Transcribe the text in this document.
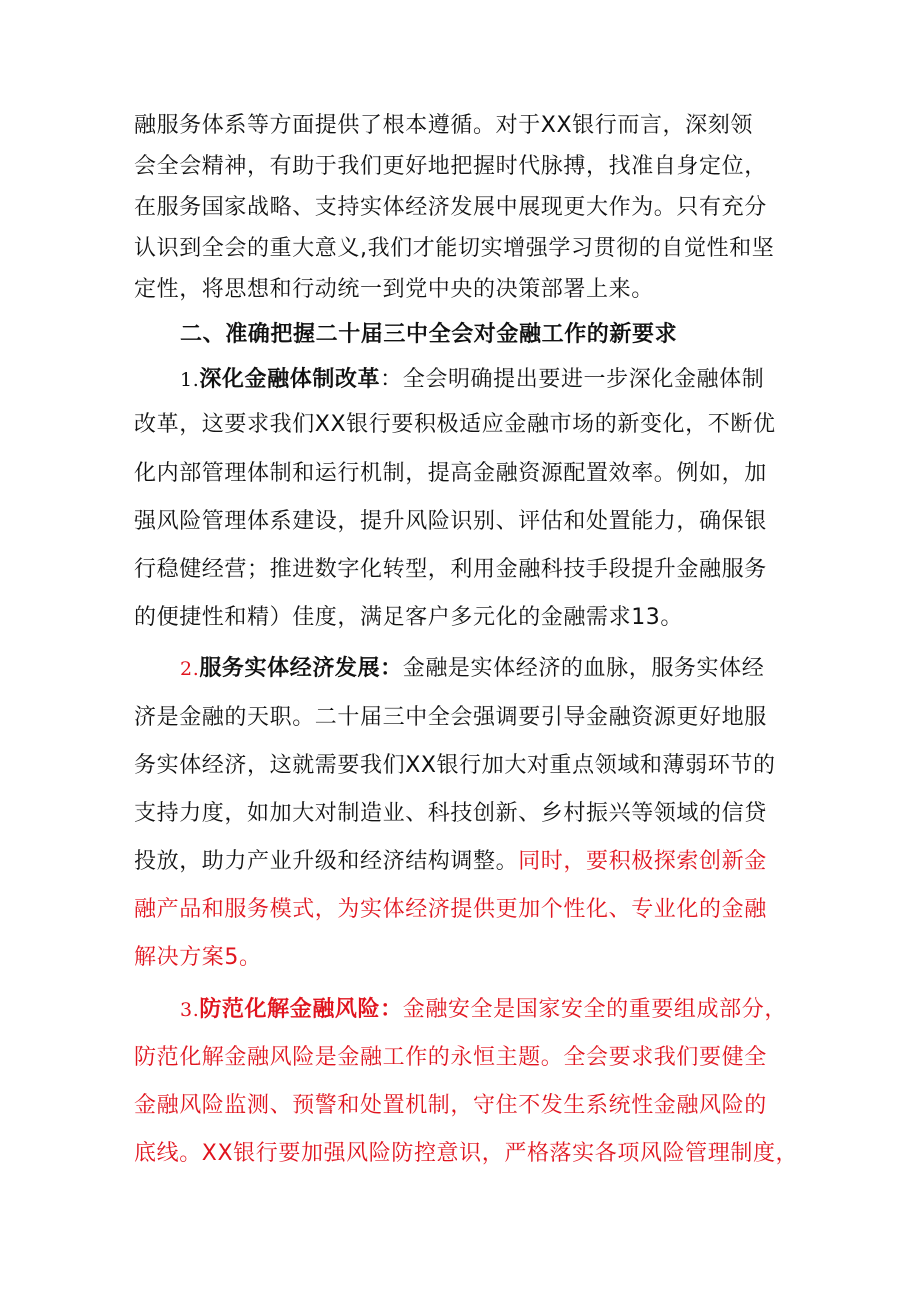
融服务体系等方面提供了根本遵循。对于XX银行而言，深刻领
会全会精神，有助于我们更好地把握时代脉搏，找准自身定位，
在服务国家战略、支持实体经济发展中展现更大作为。只有充分
认识到全会的重大意义,我们才能切实增强学习贯彻的自觉性和坚
定性，将思想和行动统一到党中央的决策部署上来。
二、准确把握二十届三中全会对金融工作的新要求
1.深化金融体制改革：全会明确提出要进一步深化金融体制
改革，这要求我们XX银行要积极适应金融市场的新变化，不断优
化内部管理体制和运行机制，提高金融资源配置效率。例如，加
强风险管理体系建设，提升风险识别、评估和处置能力，确保银
行稳健经营；推进数字化转型，利用金融科技手段提升金融服务
的便捷性和精）佳度，满足客户多元化的金融需求13。
2.服务实体经济发展：金融是实体经济的血脉，服务实体经
济是金融的天职。二十届三中全会强调要引导金融资源更好地服
务实体经济，这就需要我们XX银行加大对重点领域和薄弱环节的
支持力度，如加大对制造业、科技创新、乡村振兴等领域的信贷
投放，助力产业升级和经济结构调整。同时，要积极探索创新金
融产品和服务模式，为实体经济提供更加个性化、专业化的金融
解决方案5。
3.防范化解金融风险：金融安全是国家安全的重要组成部分，
防范化解金融风险是金融工作的永恒主题。全会要求我们要健全
金融风险监测、预警和处置机制，守住不发生系统性金融风险的
底线。XX银行要加强风险防控意识，严格落实各项风险管理制度，
